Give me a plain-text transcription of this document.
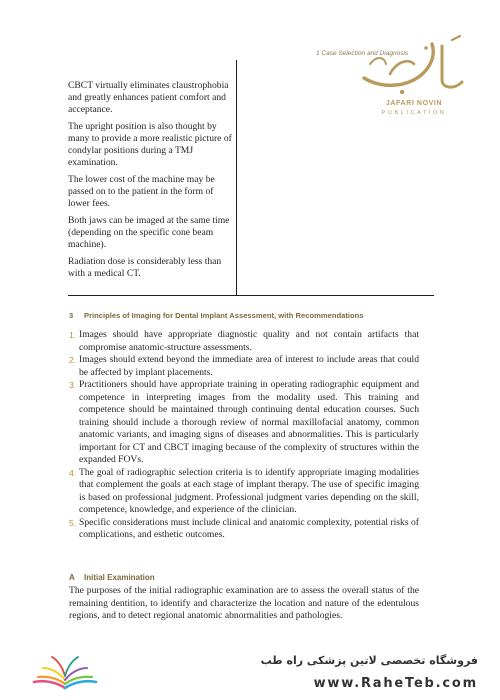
1 Case Selection and Diagnosis
JAFARI NOVIN
PUBLICATION
CBCT virtually eliminates claustrophobia and greatly enhances patient comfort and acceptance.
The upright position is also thought by many to provide a more realistic picture of condylar positions during a TMJ examination.
The lower cost of the machine may be passed on to the patient in the form of lower fees.
Both jaws can be imaged at the same time (depending on the specific cone beam machine).
Radiation dose is considerably less than with a medical CT.
3 Principles of Imaging for Dental Implant Assessment, with Recommendations
1. Images should have appropriate diagnostic quality and not contain artifacts that compromise anatomic-structure assessments.
2. Images should extend beyond the immediate area of interest to include areas that could be affected by implant placements.
3. Practitioners should have appropriate training in operating radiographic equipment and competence in interpreting images from the modality used. This training and competence should be maintained through continuing dental education courses. Such training should include a thorough review of normal maxillofacial anatomy, common anatomic variants, and imaging signs of diseases and abnormalities. This is particularly important for CT and CBCT imaging because of the complexity of structures within the expanded FOVs.
4. The goal of radiographic selection criteria is to identify appropriate imaging modalities that complement the goals at each stage of implant therapy. The use of specific imaging is based on professional judgment. Professional judgment varies depending on the skill, competence, knowledge, and experience of the clinician.
5. Specific considerations must include clinical and anatomic complexity, potential risks of complications, and esthetic outcomes.
A Initial Examination

The purposes of the initial radiographic examination are to assess the overall status of the remaining dentition, to identify and characterize the location and nature of the edentulous regions, and to detect regional anatomic abnormalities and pathologies.

فروشگاه تخصصی لاتین پزشکی راه طب
www.RaheTeb.com
